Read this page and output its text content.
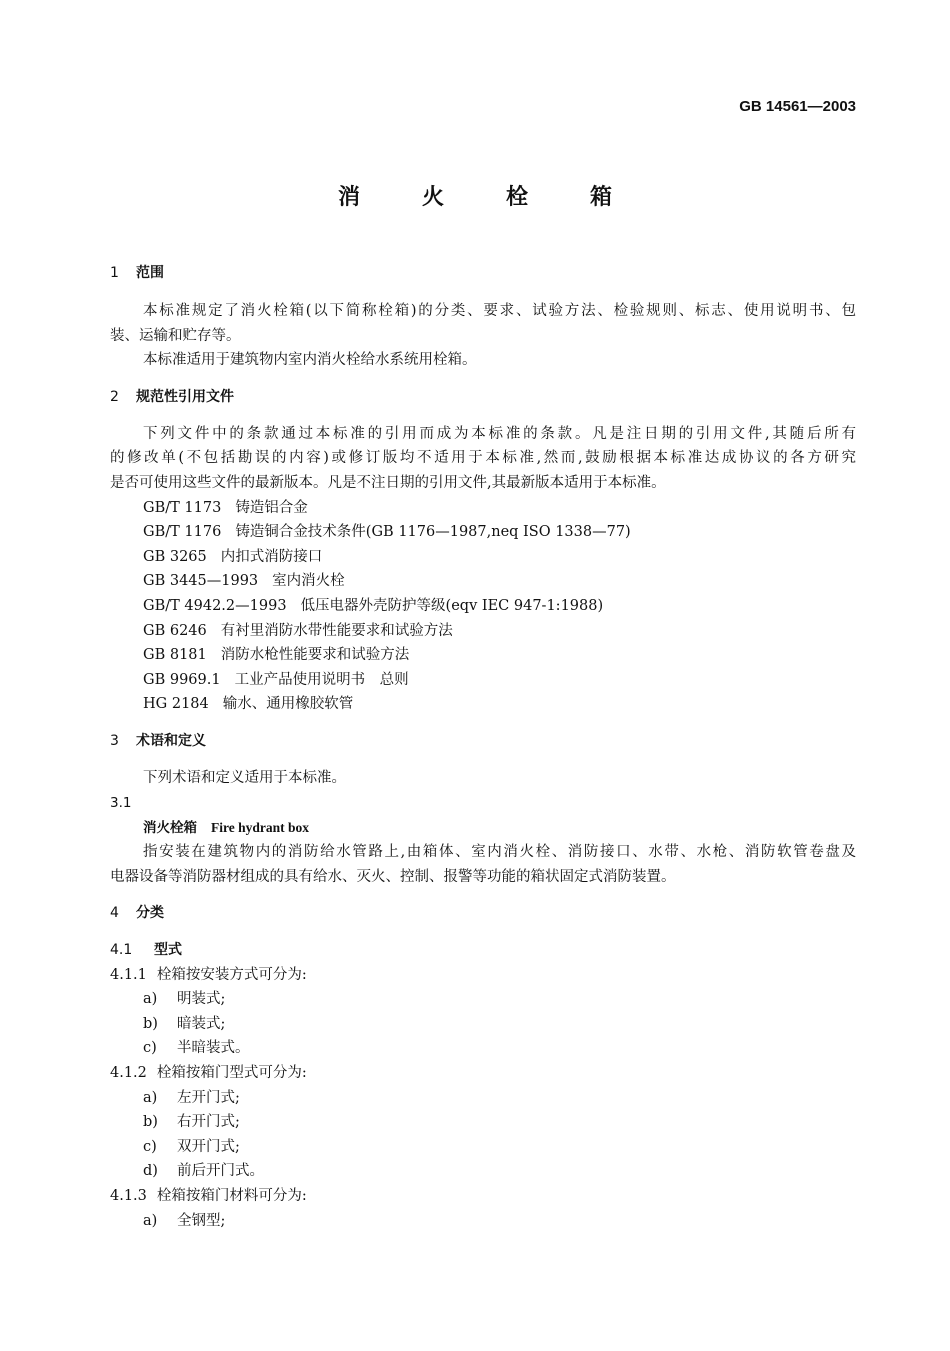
GB 14561—2003
消火栓箱
1 范围
本标准规定了消火栓箱(以下简称栓箱)的分类、要求、试验方法、检验规则、标志、使用说明书、包
装、运输和贮存等。
本标准适用于建筑物内室内消火栓给水系统用栓箱。
2 规范性引用文件
下列文件中的条款通过本标准的引用而成为本标准的条款。凡是注日期的引用文件,其随后所有
的修改单(不包括勘误的内容)或修订版均不适用于本标准,然而,鼓励根据本标准达成协议的各方研究
是否可使用这些文件的最新版本。凡是不注日期的引用文件,其最新版本适用于本标准。
GB/T 1173 铸造铝合金
GB/T 1176 铸造铜合金技术条件(GB 1176—1987,neq ISO 1338—77)
GB 3265 内扣式消防接口
GB 3445—1993 室内消火栓
GB/T 4942.2—1993 低压电器外壳防护等级(eqv IEC 947-1:1988)
GB 6246 有衬里消防水带性能要求和试验方法
GB 8181 消防水枪性能要求和试验方法
GB 9969.1 工业产品使用说明书　总则
HG 2184 输水、通用橡胶软管
3 术语和定义
下列术语和定义适用于本标准。
3.1
消火栓箱 Fire hydrant box
指安装在建筑物内的消防给水管路上,由箱体、室内消火栓、消防接口、水带、水枪、消防软管卷盘及
电器设备等消防器材组成的具有给水、灭火、控制、报警等功能的箱状固定式消防装置。
4 分类
4.1 型式
4.1.1 栓箱按安装方式可分为:
a) 明装式;
b) 暗装式;
c) 半暗装式。
4.1.2 栓箱按箱门型式可分为:
a) 左开门式;
b) 右开门式;
c) 双开门式;
d) 前后开门式。
4.1.3 栓箱按箱门材料可分为:
a) 全钢型;
